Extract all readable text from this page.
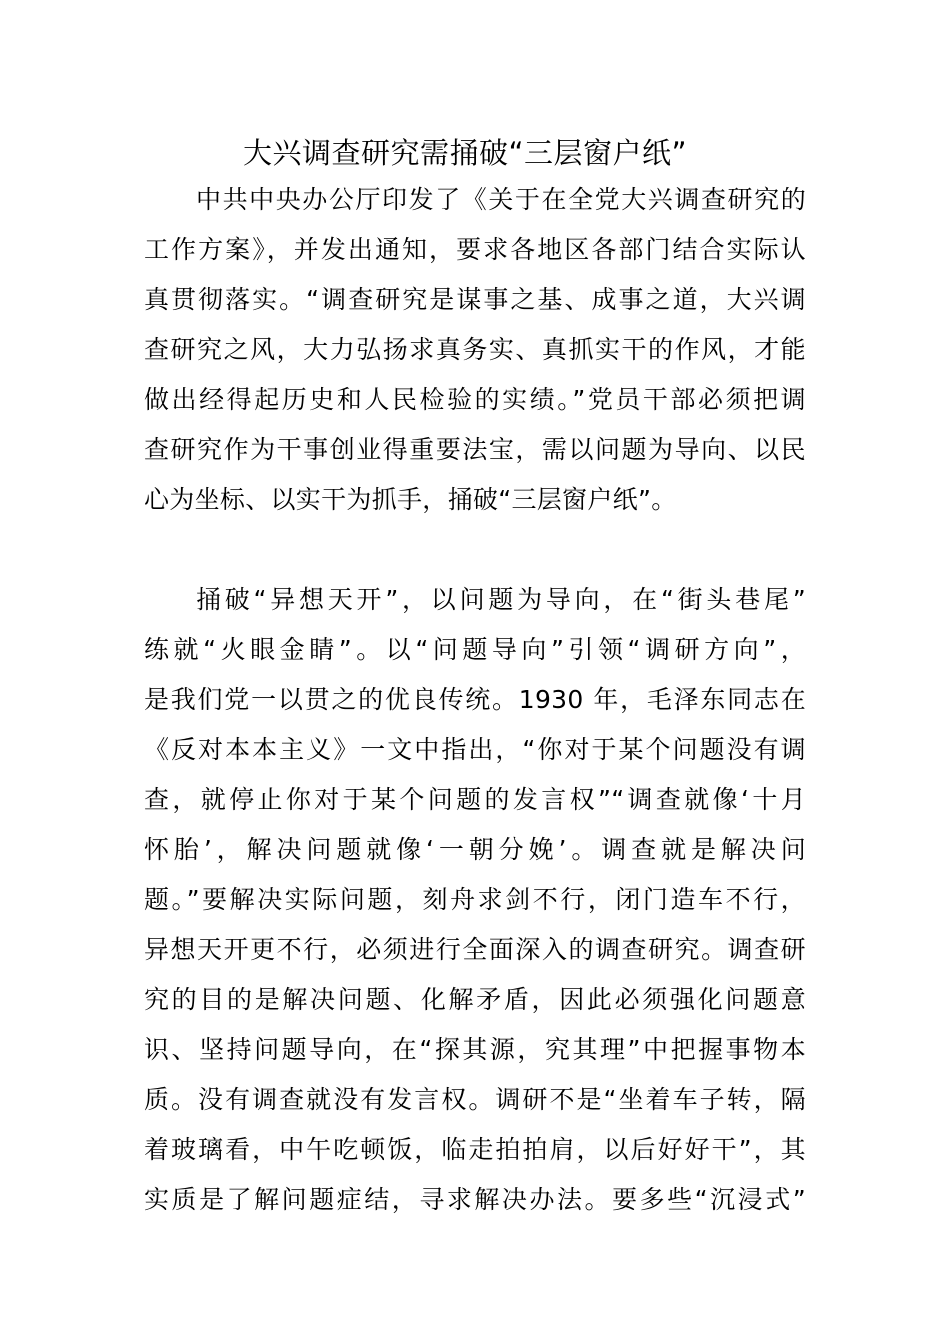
大兴调查研究需捅破“三层窗户纸”
中共中央办公厅印发了《关于在全党大兴调查研究的
工作方案》，并发出通知，要求各地区各部门结合实际认
真贯彻落实。“调查研究是谋事之基、成事之道，大兴调
查研究之风，大力弘扬求真务实、真抓实干的作风，才能
做出经得起历史和人民检验的实绩。”党员干部必须把调
查研究作为干事创业得重要法宝，需以问题为导向、以民
心为坐标、以实干为抓手，捅破“三层窗户纸”。
捅破“异想天开”，以问题为导向，在“街头巷尾”
练就“火眼金睛”。以“问题导向”引领“调研方向”，
是我们党一以贯之的优良传统。1930 年，毛泽东同志在
《反对本本主义》一文中指出，“你对于某个问题没有调
查，就停止你对于某个问题的发言权”“调查就像‘十月
怀胎’，解决问题就像‘一朝分娩’。调查就是解决问
题。”要解决实际问题，刻舟求剑不行，闭门造车不行，
异想天开更不行，必须进行全面深入的调查研究。调查研
究的目的是解决问题、化解矛盾，因此必须强化问题意
识、坚持问题导向，在“探其源，究其理”中把握事物本
质。没有调查就没有发言权。调研不是“坐着车子转，隔
着玻璃看，中午吃顿饭，临走拍拍肩，以后好好干”，其
实质是了解问题症结，寻求解决办法。要多些“沉浸式”
